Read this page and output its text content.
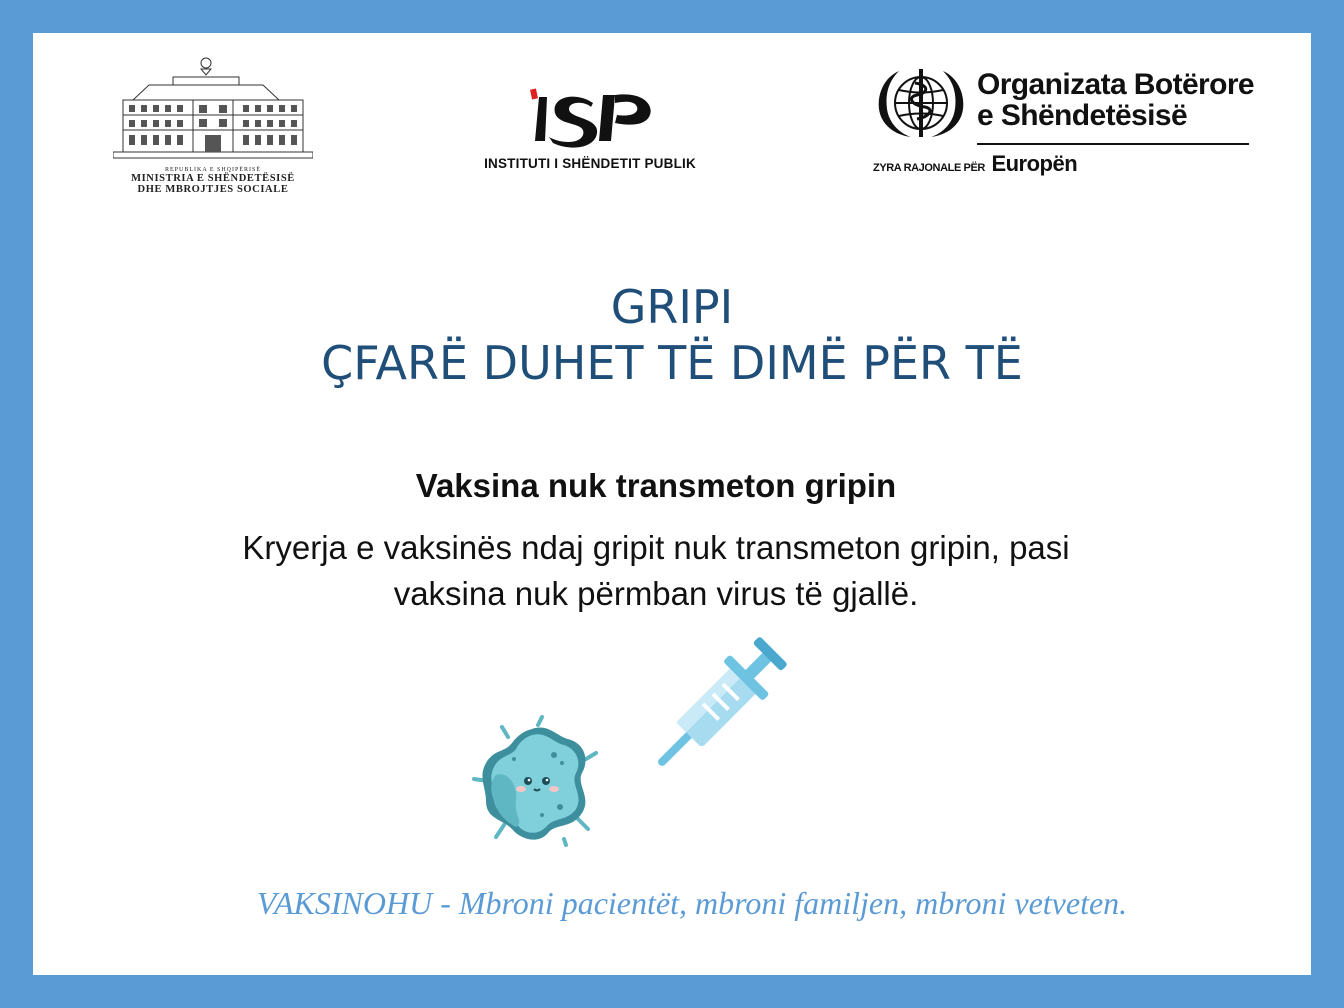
REPUBLIKA E SHQIPËRISË
MINISTRIA E SHËNDETËSISË
DHE MBROJTJES SOCIALE
INSTITUTI I SHËNDETIT PUBLIK
Organizata Botërore
e Shëndetësisë
ZYRA RAJONALE PËR Europën
GRIPI
ÇFARË DUHET TË DIMË PËR TË
Vaksina nuk transmeton gripin
Kryerja e vaksinës ndaj gripit nuk transmeton gripin, pasi
vaksina nuk përmban virus të gjallë.
VAKSINOHU - Mbroni pacientët, mbroni familjen, mbroni vetveten.
